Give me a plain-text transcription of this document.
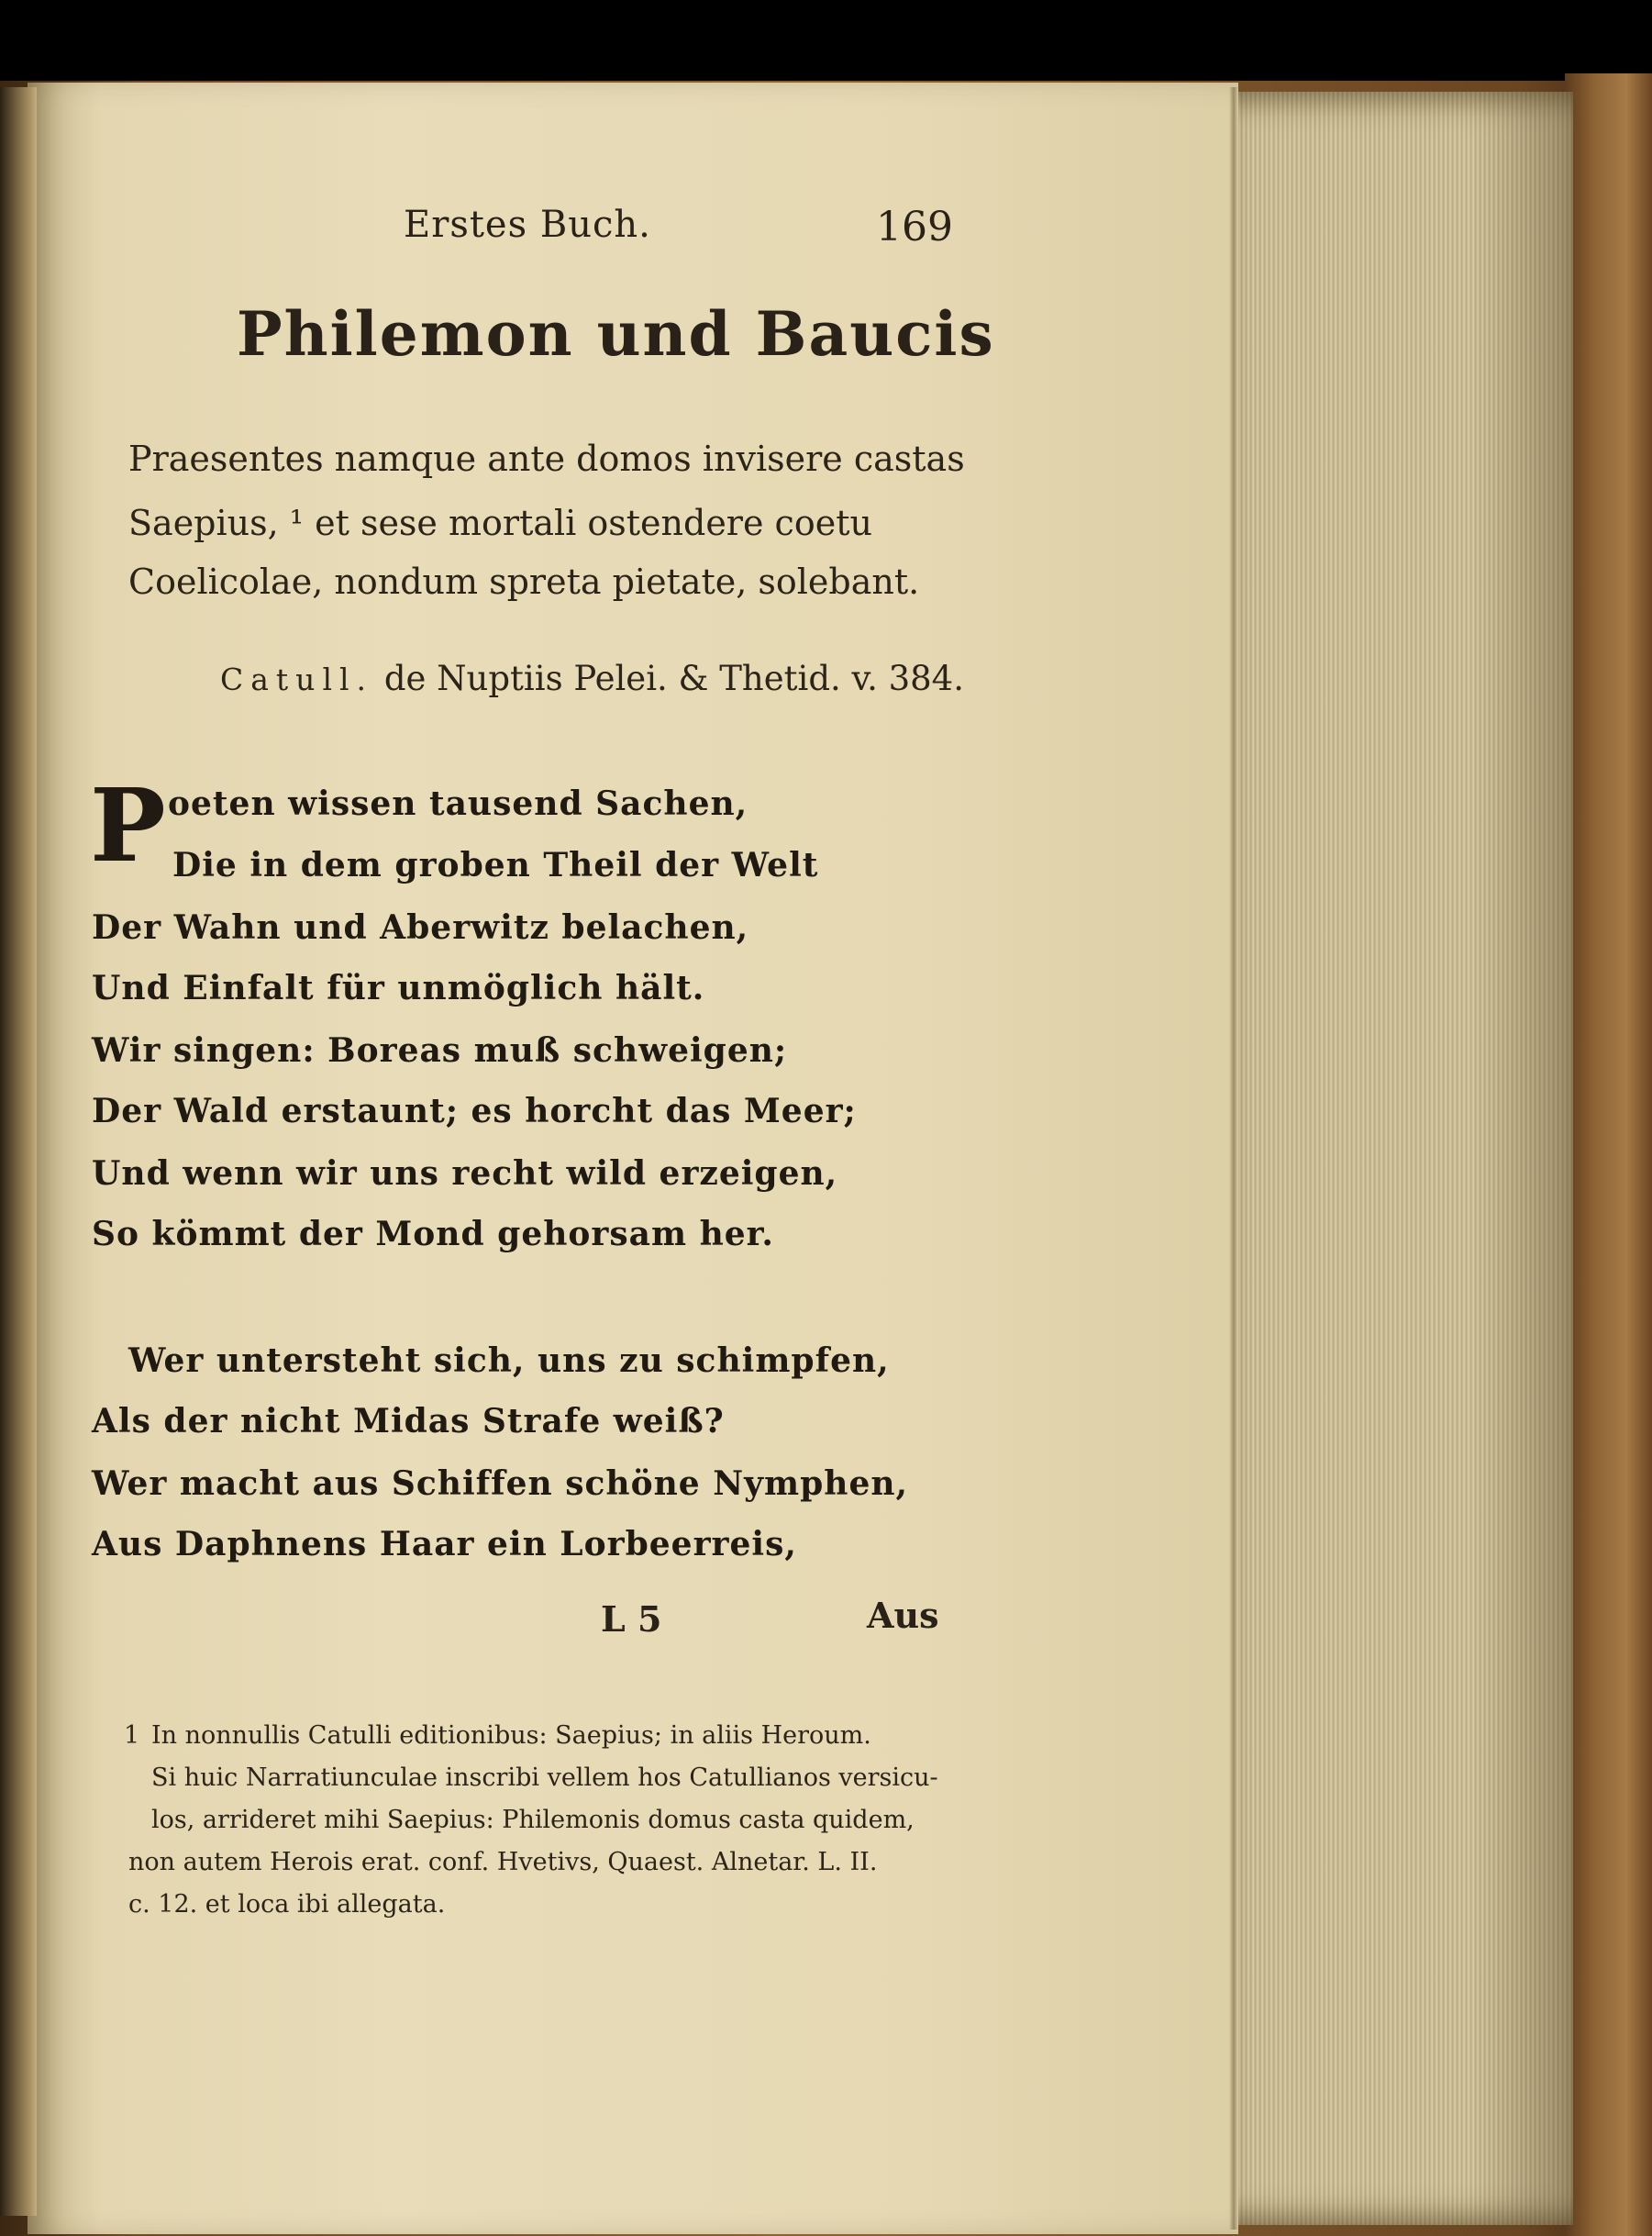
Erstes Buch.	169
Philemon und Baucis
Praesentes namque ante domos invisere castas
Saepius, ¹ et sese mortali ostendere coetu
Coelicolae, nondum spreta pietate, solebant.
Catull. de Nuptiis Pelei. & Thetid. v. 384.
P oeten wissen tausend Sachen,
Die in dem groben Theil der Welt
Der Wahn und Aberwitz belachen,
Und Einfalt für unmöglich hält.
Wir singen: Boreas muß schweigen;
Der Wald erstaunt; es horcht das Meer;
Und wenn wir uns recht wild erzeigen,
So kömmt der Mond gehorsam her.
Wer untersteht sich, uns zu schimpfen,
Als der nicht Midas Strafe weiß?
Wer macht aus Schiffen schöne Nymphen,
Aus Daphnens Haar ein Lorbeerreis,
L 5	Aus
1 In nonnullis Catulli editionibus: Saepius; in aliis Heroum.
Si huic Narratiunculae inscribi vellem hos Catullianos versicu-
los, arrideret mihi Saepius: Philemonis domus casta quidem,
non autem Herois erat. conf. Hvetivs, Quaest. Alnetar. L. II.
c. 12. et loca ibi allegata.
